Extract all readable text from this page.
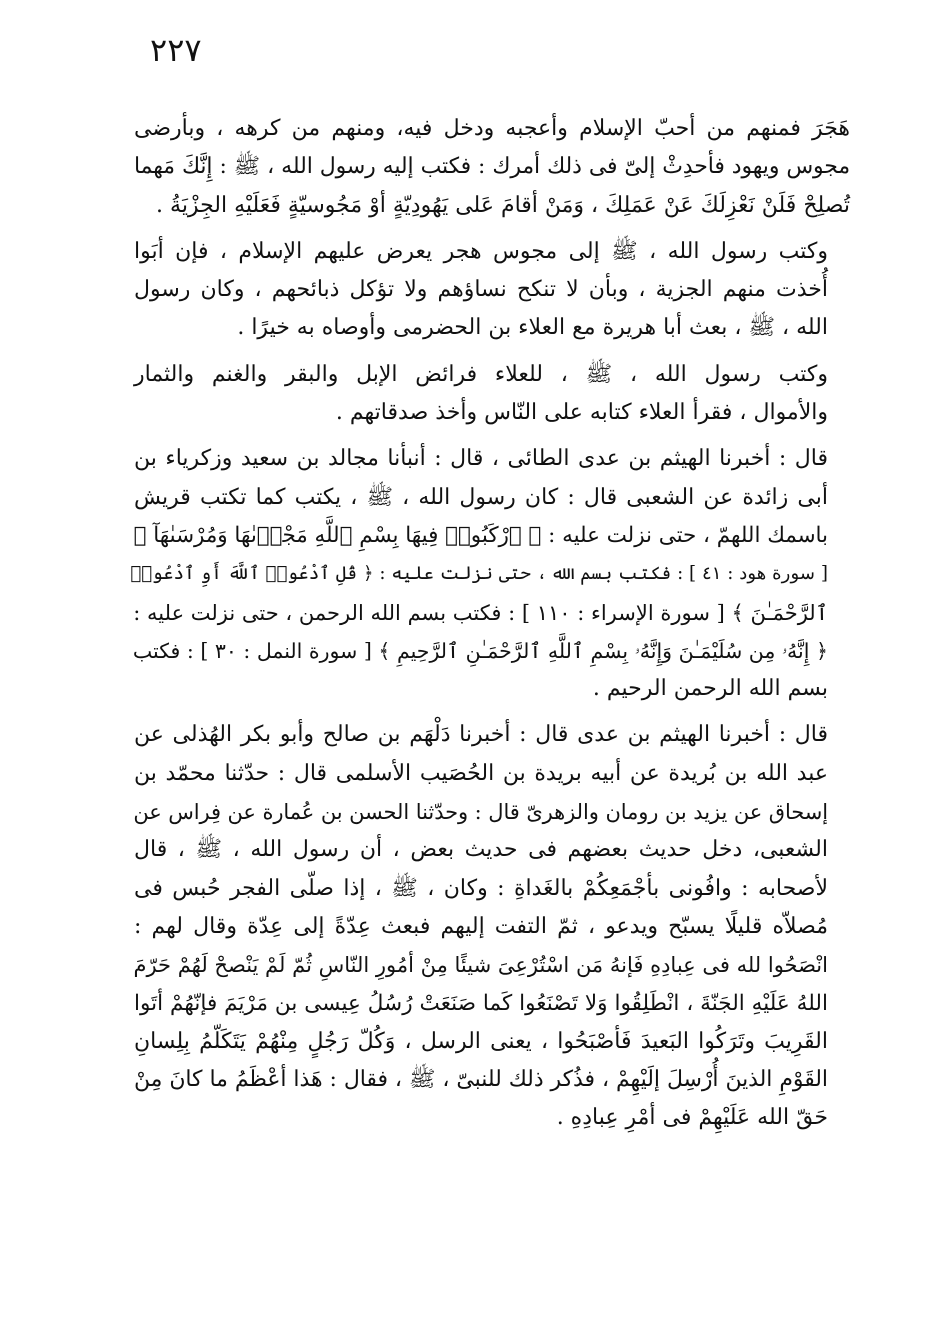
٢٢٧
هَجَرَ فمنهم من أحبّ الإسلام وأعجبه ودخل فيه، ومنهم من كرهه ، وبأرضى
مجوس ويهود فأحدِثْ إلىّ فى ذلك أمرك : فكتب إليه رسول الله ، ﷺ : إِنَّكَ مَهما
تُصلِحْ فَلَنْ نَعْزِلَكَ عَنْ عَمَلِكَ ، وَمَنْ أقامَ عَلى يَهُودِيّةٍ أوْ مَجُوسيّةٍ فَعَلَيْهِ الجِزْيَةُ .
وكتب رسول الله ، ﷺ إلى مجوس هجر يعرض عليهم الإسلام ، فإن أبَوا
أُخذت منهم الجزية ، وبأن لا تنكح نساؤهم ولا تؤكل ذبائحهم ، وكان رسول
الله ، ﷺ ، بعث أبا هريرة مع العلاء بن الحضرمى وأوصاه به خيرًا .
وكتب رسول الله ، ﷺ ، للعلاء فرائض الإبل والبقر والغنم والثمار
والأموال ، فقرأ العلاء كتابه على النّاس وأخذ صدقاتهم .
قال : أخبرنا الهيثم بن عدى الطائى ، قال : أنبأنا مجالد بن سعيد وزكرياء بن
أبى زائدة عن الشعبى قال : كان رسول الله ، ﷺ ، يكتب كما تكتب قريش
باسمك اللهمّ ، حتى نزلت عليه : ﴿ ٱرْكَبُوا۟ فِيهَا بِسْمِ ٱللَّهِ مَجْر۪ىٰهَا وَمُرْسَىٰهَآ ﴾
[ سورة هود : ٤١ ] : فكتب بسم الله ، حتى نزلت عليه : ﴿ قُلِ ٱدْعُوا۟ ٱللَّهَ أَوِ ٱدْعُوا۟
ٱلرَّحْمَـٰنَ ﴾ [ سورة الإسراء : ١١٠ ] : فكتب بسم الله الرحمن ، حتى نزلت عليه :
﴿ إِنَّهُۥ مِن سُلَيْمَـٰنَ وَإِنَّهُۥ بِسْمِ ٱللَّهِ ٱلرَّحْمَـٰنِ ٱلرَّحِيمِ ﴾ [ سورة النمل : ٣٠ ] : فكتب
بسم الله الرحمن الرحيم .
قال : أخبرنا الهيثم بن عدى قال : أخبرنا دَلْهَم بن صالح وأبو بكر الهُذلى عن
عبد الله بن بُريدة عن أبيه بريدة بن الحُصَيب الأسلمى قال : حدّثنا محمّد بن
إسحاق عن يزيد بن رومان والزهرىّ قال : وحدّثنا الحسن بن عُمارة عن فِراس عن
الشعبى، دخل حديث بعضهم فى حديث بعض ، أن رسول الله ، ﷺ ، قال
لأصحابه : وافُونى بأجْمَعِكُمْ بالغَداةِ : وكان ، ﷺ ، إذا صلّى الفجر حُبس فى
مُصلاّه قليلًا يسبّح ويدعو ، ثمّ التفت إليهم فبعث عِدّةً إلى عِدّة وقال لهم :
انْصَحُوا لله فى عِبادِهِ فَإنهُ مَن اسْتُرْعِىَ شيئًا مِنْ أمُورِ النّاسِ ثُمّ لَمْ يَنْصحْ لَهُمْ حَرّمَ
اللهُ عَلَيْهِ الجَنّةَ ، انْطَلِقُوا وَلا تَصْنَعُوا كَما صَنَعَتْ رُسُلُ عِيسى بن مَرْيَمَ فإنّهُمْ أتَوا
القَرِيبَ وتَرَكُوا البَعيدَ فَأصْبَحُوا ، يعنى الرسل ، وَكُلّ رَجُلٍ مِنْهُمْ يَتَكَلّمُ بِلِسانِ
القَوْمِ الذينَ أُرْسِلَ إلَيْهِمْ ، فذُكر ذلك للنبىّ ، ﷺ ، فقال : هَذا أعْظَمُ ما كانَ مِنْ
حَقّ الله عَلَيْهِمْ فى أمْرِ عِبادِهِ .
